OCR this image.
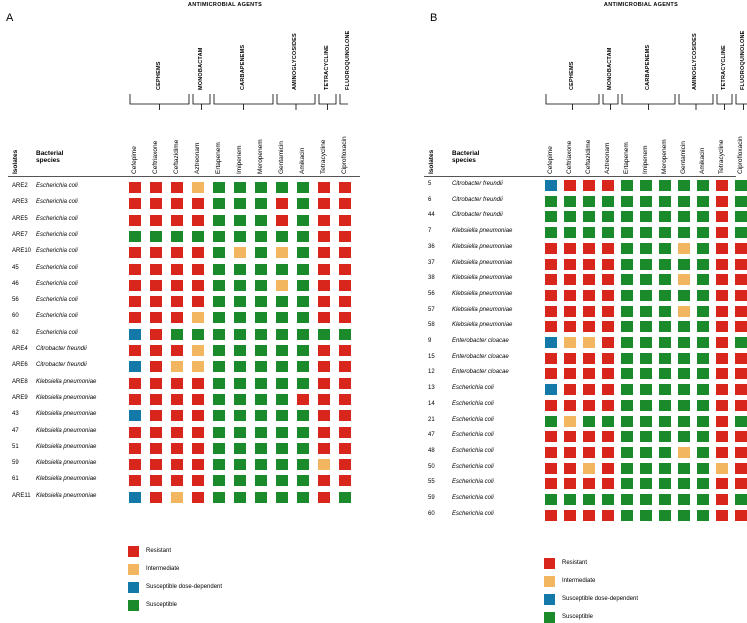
A
ANTIMICROBIAL AGENTS
CEPHEMS	MONOBACTAM	CARBAPENEMS	AMINOGLYCOSIDES	TETRACYCLINE	FLUOROQUINOLONE
Isolates	Bacterial
species	Cefepime Ceftriaxone Ceftazidime Aztreonam Ertapenem Imipenem Meropenem Gentamicin Amikacin Tetracycline Ciprofloxacin
ARE2 Escherichia coli
ARE3 Escherichia coli
ARE5 Escherichia coli
ARE7 Escherichia coli
ARE10 Escherichia coli
45	Escherichia coli
46	Escherichia coli
56	Escherichia coli
60	Escherichia coli
62	Escherichia coli
ARE4 Citrobacter freundii
ARE6 Citrobacter freundii
ARE8 Klebsiella pneumoniae
ARE9 Klebsiella pneumoniae
43	Klebsiella pneumoniae
47	Klebsiella pneumoniae
51	Klebsiella pneumoniae
59	Klebsiella pneumoniae
61	Klebsiella pneumoniae
ARE11 Klebsiella pneumoniae
Resistant
Intermediate
Susceptible dose-dependent
Susceptible
B
ANTIMICROBIAL AGENTS
CEPHEMS	MONOBACTAM	CARBAPENEMS	AMINOGLYCOSIDES	TETRACYCLINE FLUOROQUINOLONE
Isolates	Bacterial
species	Cefepime Ceftriaxone Ceftazidime Aztreonam Ertapenem Imipenem Meropenem Gentamicin Amikacin Tetracycline Ciprofloxacin
5	Citrobacter freundii
6	Citrobacter freundii
44	Citrobacter freundii
7	Klebsiella pneumoniae
36	Klebsiella pneumoniae
37	Klebsiella pneumoniae
38	Klebsiella pneumoniae
56	Klebsiella pneumoniae
57	Klebsiella pneumoniae
58	Klebsiella pneumoniae
9	Enterobacter cloacae
15	Enterobacter cloacae
12	Enterobacter cloacae
13	Escherichia coli
14	Escherichia coli
21	Escherichia coli
47	Escherichia coli
48	Escherichia coli
50	Escherichia coli
55	Escherichia coli
59	Escherichia coli
60	Escherichia coli
Resistant
Intermediate
Susceptible dose-dependent
Susceptible
